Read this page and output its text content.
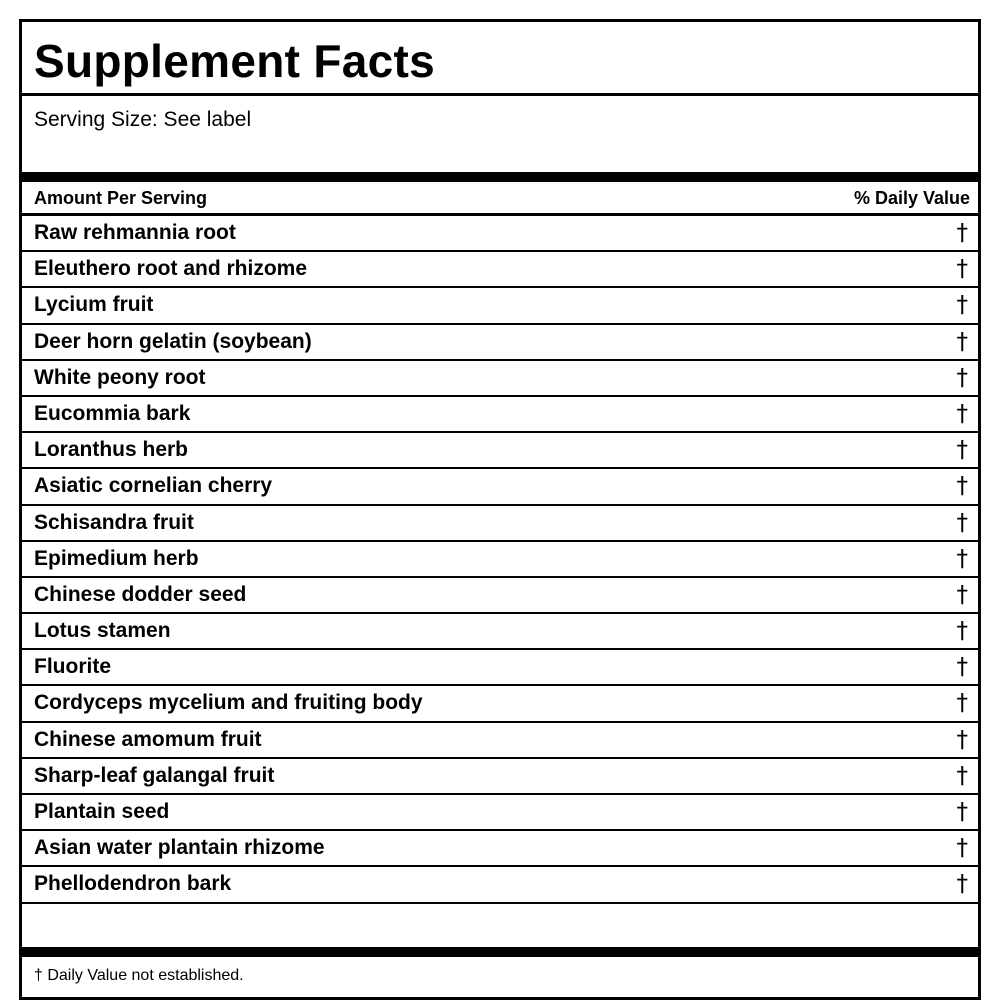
Supplement Facts
Serving Size: See label
Amount Per Serving	% Daily Value
Raw rehmannia root	†
Eleuthero root and rhizome	†
Lycium fruit	†
Deer horn gelatin (soybean)	†
White peony root	†
Eucommia bark	†
Loranthus herb	†
Asiatic cornelian cherry	†
Schisandra fruit	†
Epimedium herb	†
Chinese dodder seed	†
Lotus stamen	†
Fluorite	†
Cordyceps mycelium and fruiting body	†
Chinese amomum fruit	†
Sharp-leaf galangal fruit	†
Plantain seed	†
Asian water plantain rhizome	†
Phellodendron bark	†
† Daily Value not established.
